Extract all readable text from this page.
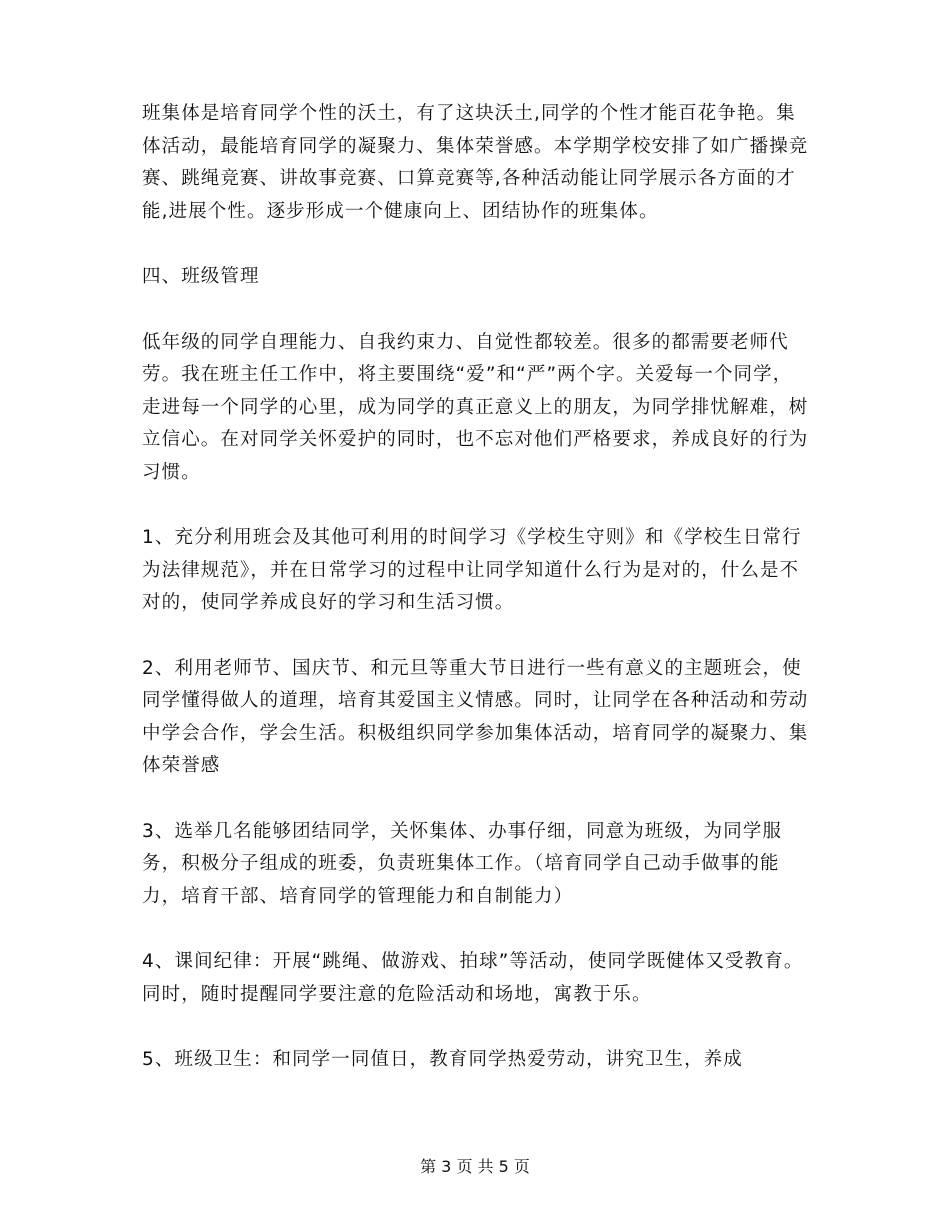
班集体是培育同学个性的沃土，有了这块沃土,同学的个性才能百花争艳。集体活动，最能培育同学的凝聚力、集体荣誉感。本学期学校安排了如广播操竞赛、跳绳竞赛、讲故事竞赛、口算竞赛等,各种活动能让同学展示各方面的才能,进展个性。逐步形成一个健康向上、团结协作的班集体。

四、班级管理

低年级的同学自理能力、自我约束力、自觉性都较差。很多的都需要老师代劳。我在班主任工作中，将主要围绕“爱”和“严”两个字。关爱每一个同学，走进每一个同学的心里，成为同学的真正意义上的朋友，为同学排忧解难，树立信心。在对同学关怀爱护的同时，也不忘对他们严格要求，养成良好的行为习惯。

1、充分利用班会及其他可利用的时间学习《学校生守则》和《学校生日常行为法律规范》，并在日常学习的过程中让同学知道什么行为是对的，什么是不对的，使同学养成良好的学习和生活习惯。

2、利用老师节、国庆节、和元旦等重大节日进行一些有意义的主题班会，使同学懂得做人的道理，培育其爱国主义情感。同时，让同学在各种活动和劳动中学会合作，学会生活。积极组织同学参加集体活动，培育同学的凝聚力、集体荣誉感

3、选举几名能够团结同学，关怀集体、办事仔细，同意为班级，为同学服务，积极分子组成的班委，负责班集体工作。（培育同学自己动手做事的能力，培育干部、培育同学的管理能力和自制能力）

4、课间纪律：开展“跳绳、做游戏、拍球”等活动，使同学既健体又受教育。同时，随时提醒同学要注意的危险活动和场地，寓教于乐。

5、班级卫生：和同学一同值日，教育同学热爱劳动，讲究卫生，养成

第 3 页 共 5 页
